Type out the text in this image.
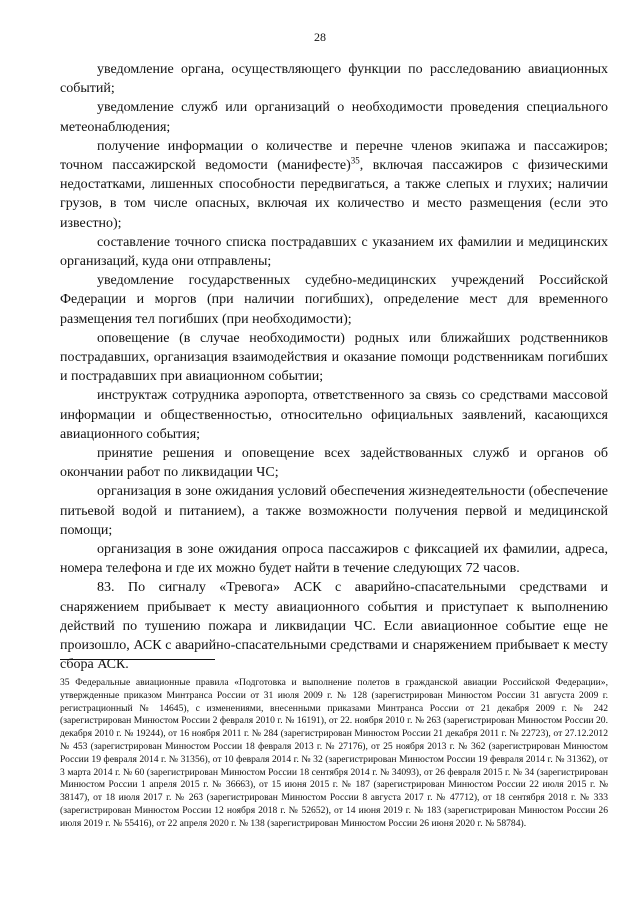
28

уведомление органа, осуществляющего функции по расследованию авиационных событий;

уведомление служб или организаций о необходимости проведения специального метеонаблюдения;

получение информации о количестве и перечне членов экипажа и пассажиров; точном пассажирской ведомости (манифесте)$^{35}$, включая пассажиров с физическими недостатками, лишенных способности передвигаться, а также слепых и глухих; наличии грузов, в том числе опасных, включая их количество и место размещения (если это известно);

составление точного списка пострадавших с указанием их фамилии и медицинских организаций, куда они отправлены;

уведомление государственных судебно-медицинских учреждений Российской Федерации и моргов (при наличии погибших), определение мест для временного размещения тел погибших (при необходимости);

оповещение (в случае необходимости) родных или ближайших родственников пострадавших, организация взаимодействия и оказание помощи родственникам погибших и пострадавших при авиационном событии;

инструктаж сотрудника аэропорта, ответственного за связь со средствами массовой информации и общественностью, относительно официальных заявлений, касающихся авиационного события;

принятие решения и оповещение всех задействованных служб и органов об окончании работ по ликвидации ЧС;

организация в зоне ожидания условий обеспечения жизнедеятельности (обеспечение питьевой водой и питанием), а также возможности получения первой и медицинской помощи;

организация в зоне ожидания опроса пассажиров с фиксацией их фамилии, адреса, номера телефона и где их можно будет найти в течение следующих 72 часов.

83. По сигналу «Тревога» АСК с аварийно-спасательными средствами и снаряжением прибывает к месту авиационного события и приступает к выполнению действий по тушению пожара и ликвидации ЧС. Если авиационное событие еще не произошло, АСК с аварийно-спасательными средствами и снаряжением прибывает к месту сбора АСК.

35 Федеральные авиационные правила «Подготовка и выполнение полетов в гражданской авиации Российской Федерации», утвержденные приказом Минтранса России от 31 июля 2009 г. № 128 (зарегистрирован Минюстом России 31 августа 2009 г. регистрационный № 14645), с изменениями, внесенными приказами Минтранса России от 21 декабря 2009 г. № 242 (зарегистрирован Минюстом России 2 февраля 2010 г. № 16191), от 22. ноября 2010 г. № 263 (зарегистрирован Минюстом России 20. декабря 2010 г. № 19244), от 16 ноября 2011 г. № 284 (зарегистрирован Минюстом России 21 декабря 2011 г. № 22723), от 27.12.2012 № 453 (зарегистрирован Минюстом России 18 февраля 2013 г. № 27176), от 25 ноября 2013 г. № 362 (зарегистрирован Минюстом России 19 февраля 2014 г. № 31356), от 10 февраля 2014 г. № 32 (зарегистрирован Минюстом России 19 февраля 2014 г. № 31362), от 3 марта 2014 г. № 60 (зарегистрирован Минюстом России 18 сентября 2014 г. № 34093), от 26 февраля 2015 г. № 34 (зарегистрирован Минюстом России 1 апреля 2015 г. № 36663), от 15 июня 2015 г. № 187 (зарегистрирован Минюстом России 22 июля 2015 г. № 38147), от 18 июля 2017 г. № 263 (зарегистрирован Минюстом России 8 августа 2017 г. № 47712), от 18 сентября 2018 г. № 333 (зарегистрирован Минюстом России 12 ноября 2018 г. № 52652), от 14 июня 2019 г. № 183 (зарегистрирован Минюстом России 26 июля 2019 г. № 55416), от 22 апреля 2020 г. № 138 (зарегистрирован Минюстом России 26 июня 2020 г. № 58784).
